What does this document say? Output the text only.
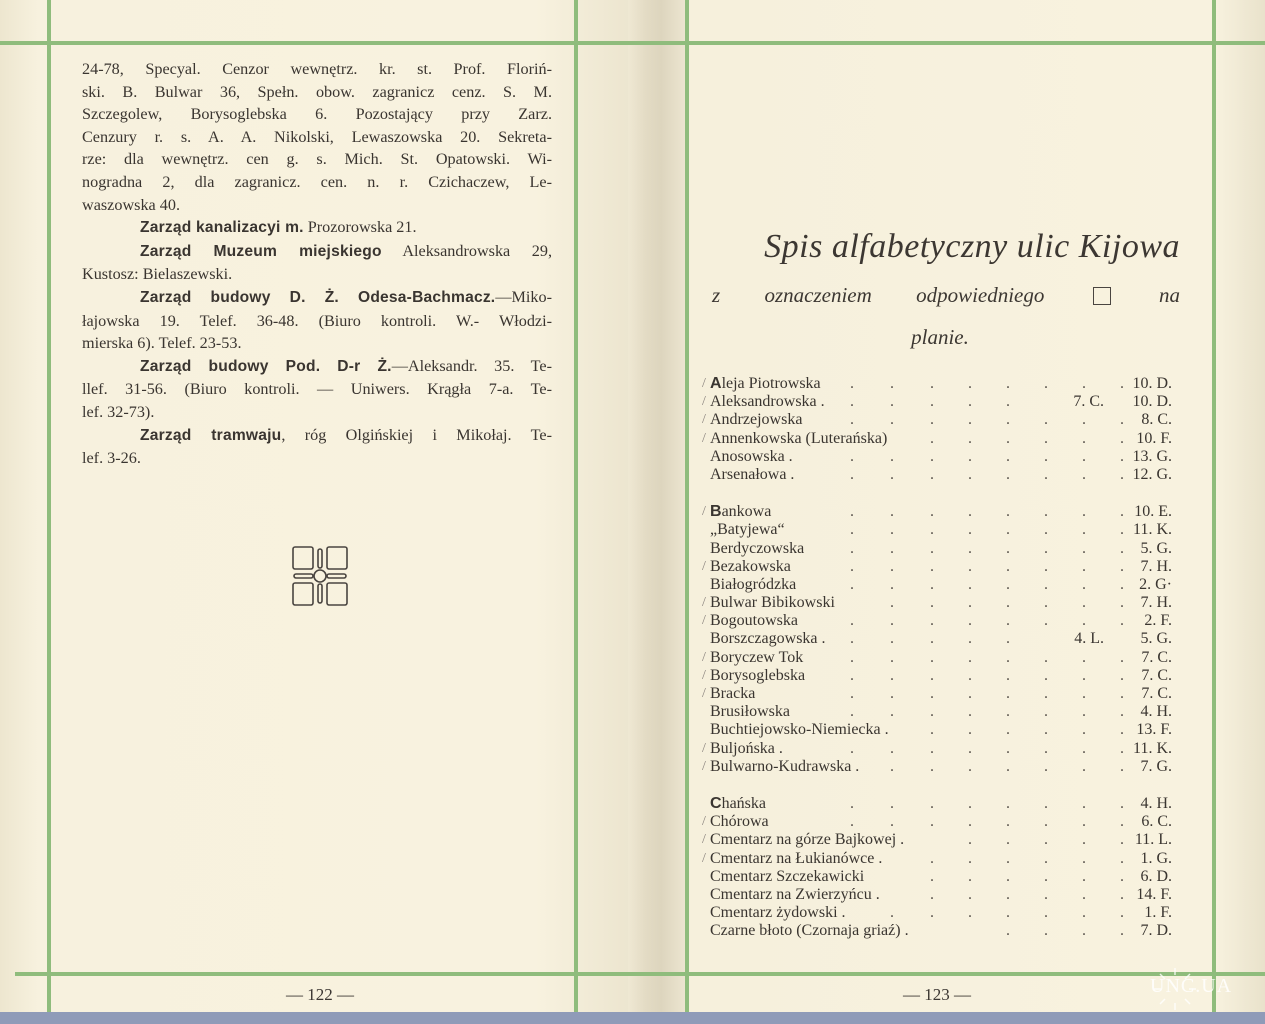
24-78, Specyal. Cenzor wewnętrz. kr. st. Prof. Floriń-
ski. B. Bulwar 36, Spełn. obow. zagranicz cenz. S. M.
Szczegolew, Borysoglebska 6. Pozostający przy Zarz.
Cenzury r. s. A. A. Nikolski, Lewaszowska 20. Sekreta-
rze: dla wewnętrz. cen g. s. Mich. St. Opatowski. Wi-
nogradna 2, dla zagranicz. cen. n. r. Czichaczew, Le-
waszowska 40.

Zarząd kanalizacyi m. Prozorowska 21.

Zarząd Muzeum miejskiego Aleksandrowska 29,
Kustosz: Bielaszewski.

Zarząd budowy D. Ż. Odesa-Bachmacz.—Miko-
łajowska 19. Telef. 36-48. (Biuro kontroli. W.- Włodzi-
mierska 6). Telef. 23-53.

Zarząd budowy Pod. D-r Ż.—Aleksandr. 35. Te-
llef. 31-56. (Biuro kontroli. — Uniwers. Krągła 7-a. Te-
lef. 32-73).

Zarząd tramwaju, róg Olgińskiej i Mikołaj. Te-
lef. 3-26.

— 122 —
Spis alfabetyczny ulic Kijowa
z oznaczeniem odpowiedniego	na
planie.
/ Aleja Piotrowska . . . . . . . . 10. D.
/ Aleksandrowska . . . . . .	7. C.	10. D.
/ Andrzejowska	. . . . . . . .	8. C.
/ Annenkowska (Luterańska)	. . . . . . 10. F.
Anosowska .	. . . . . . . . 13. G.
Arsenałowa .	. . . . . . . . 12. G.
/ Bankowa	. . . . . . . . 10. E.
„Batyjewa“	. . . . . . . . 11. K.
Berdyczowska	. . . . . . . .	5. G.
/ Bezakowska	. . . . . . . .	7. H.
Białogródzka	. . . . . . . . 2. G·
/ Bulwar Bibikowski	. . . . . . .	7. H.
/ Bogoutowska	. . . . . . . .	2. F.
Borszczagowska . . . . . .	4. L.	5. G.
/ Boryczew Tok	. . . . . . . .	7. C.
/ Borysoglebska	. . . . . . . .	7. C.
/ Bracka	. . . . . . . .	7. C.
Brusiłowska	. . . . . . . .	4. H.
Buchtiejowsko-Niemiecka .	. . . . . . 13. F.
/ Buljońska .	. . . . . . . . 11. K.
/ Bulwarno-Kudrawska . . . . . . . .	7. G.
Chańska	. . . . . . . .	4. H.
/ Chórowa	. . . . . . . .	6. C.
/ Cmentarz na górze Bajkowej .	. . . . . 11. L.
/ Cmentarz na Łukianówce .	. . . . . .	1. G.
Cmentarz Szczekawicki	. . . . . .	6. D.
Cmentarz na Zwierzyńcu .	. . . . . . 14. F.
Cmentarz żydowski .	. . . . . . .	1. F.
Czarne błoto (Czornaja griaź) .	. . . .	7. D.
— 123 —	UNC.UA
